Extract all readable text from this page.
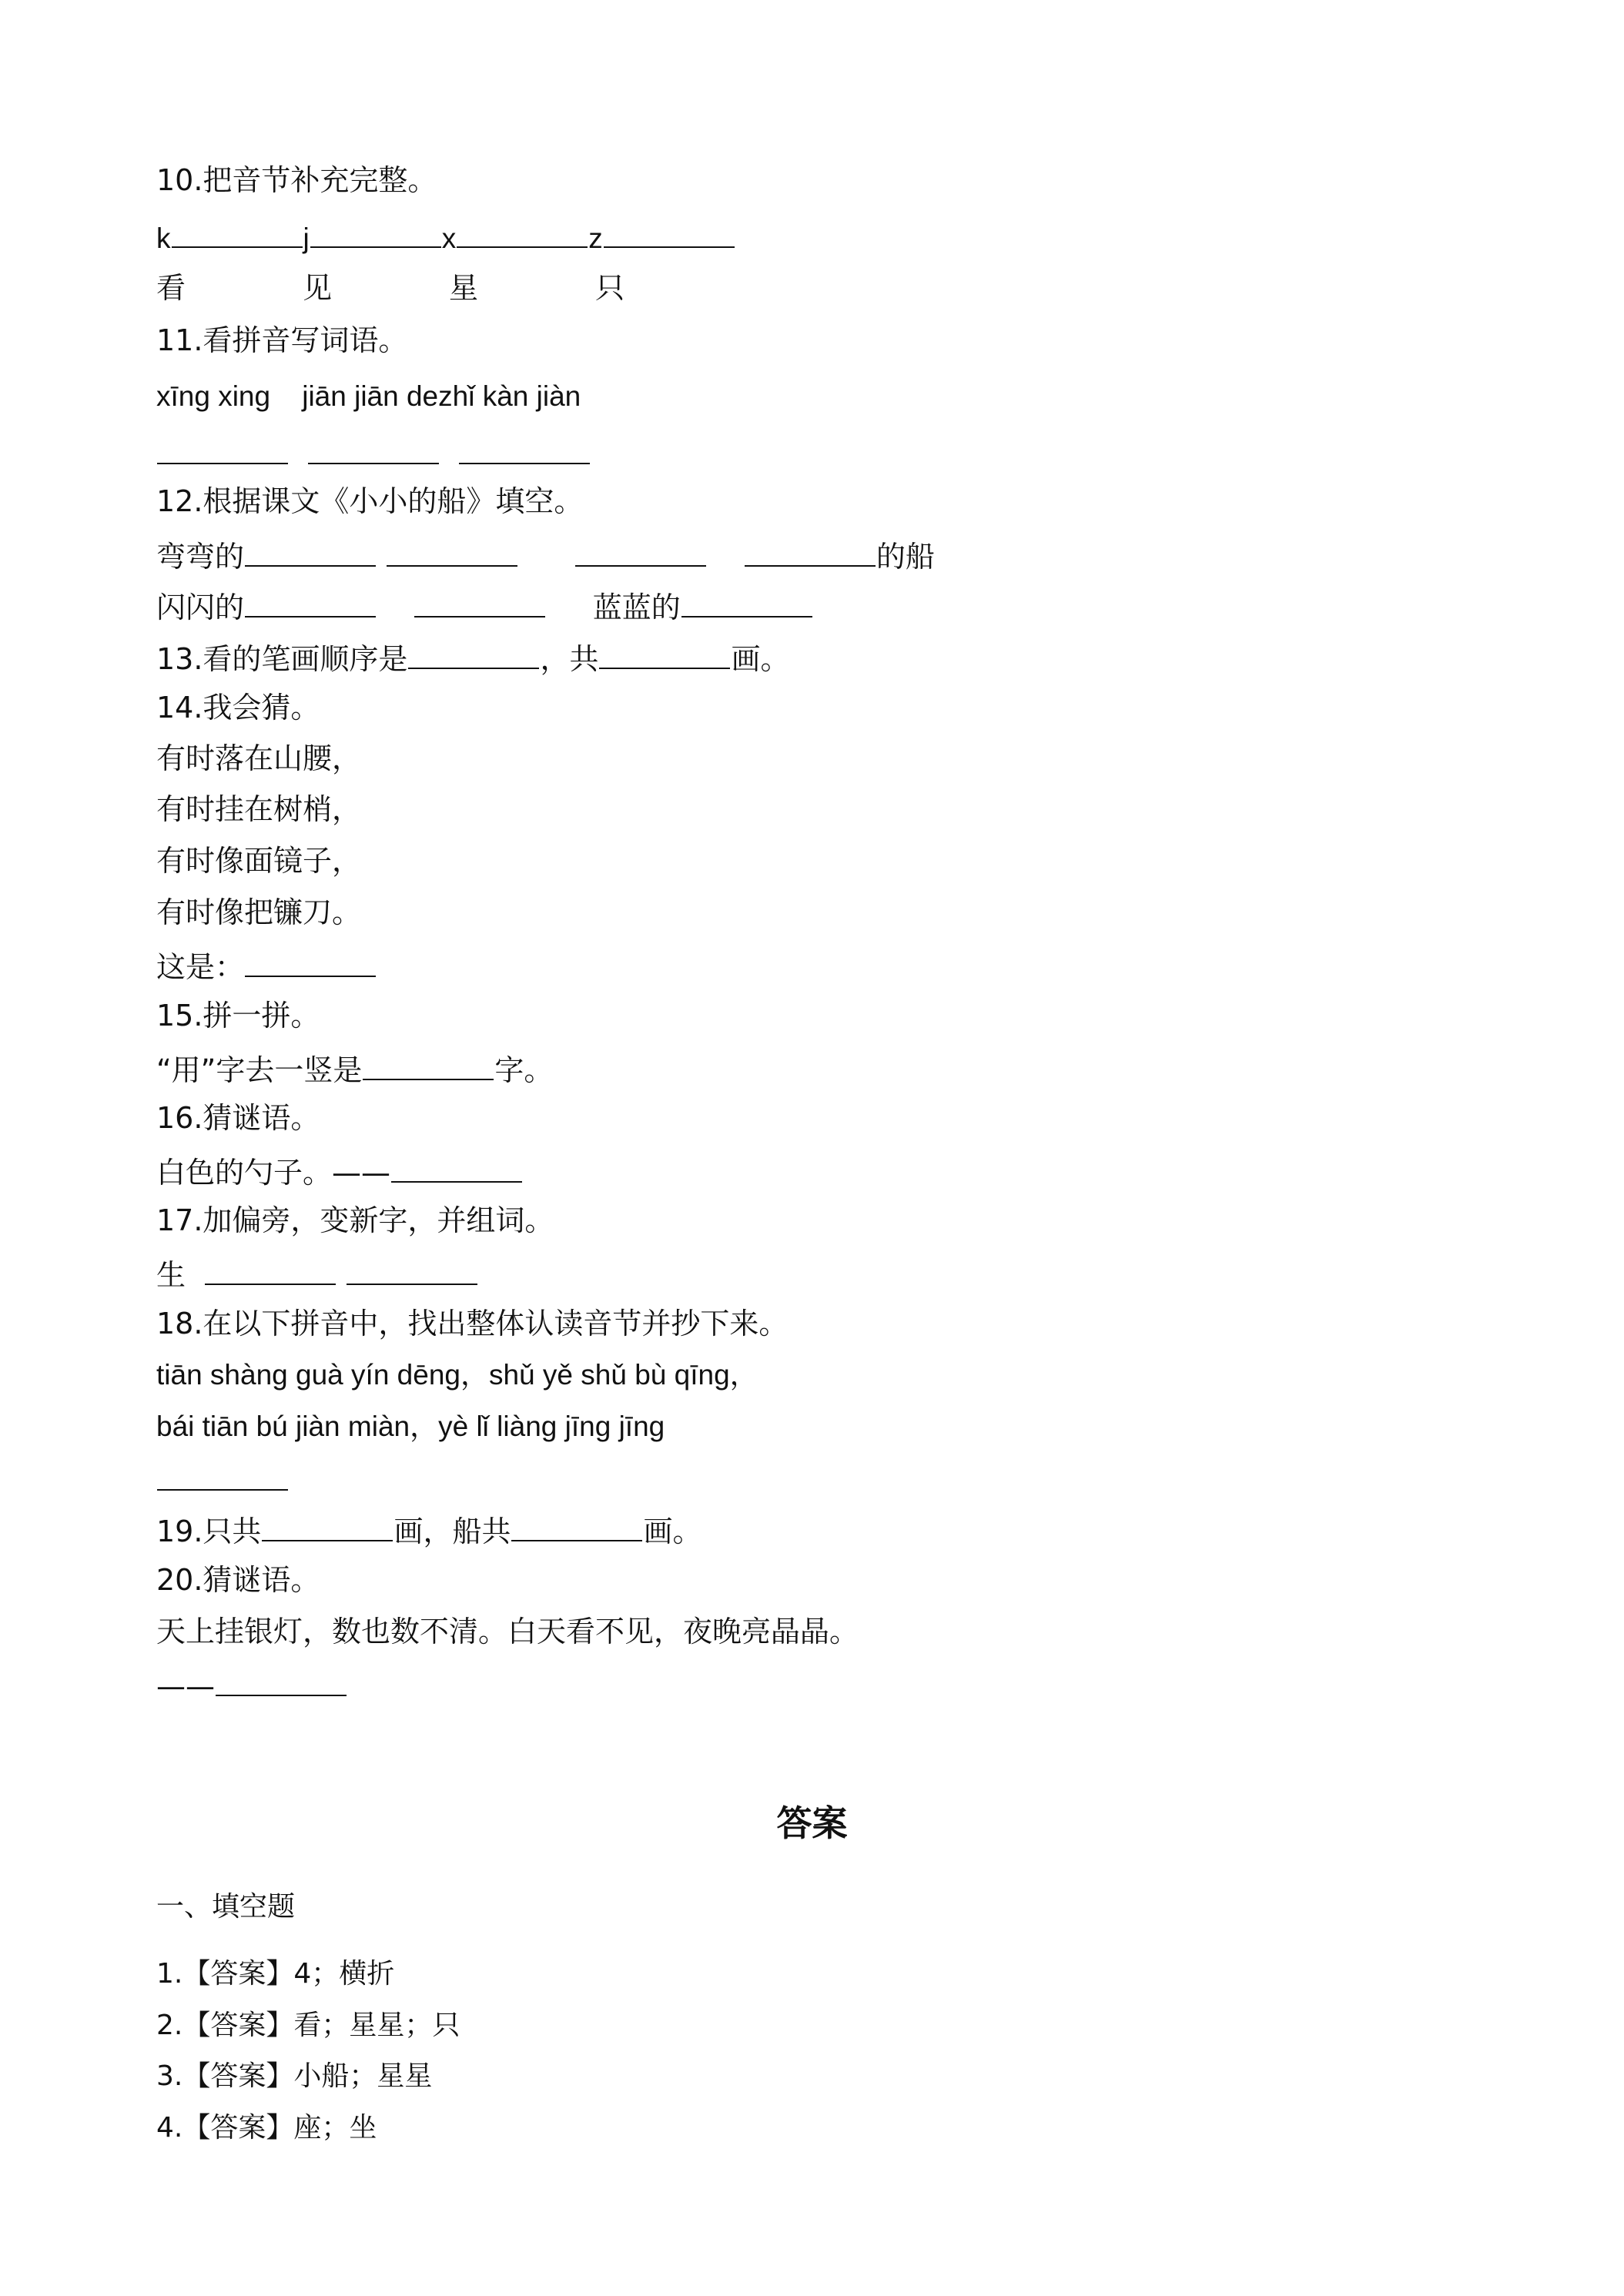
10.把音节补充完整。
k	j	x	z
看	见	星	只
11.看拼音写词语。
xīng xing jiān jiān dezhǐ kàn jiàn

12.根据课文《小小的船》填空。
弯弯的	的船
闪闪的	蓝蓝的
13.看的笔画顺序是	，共	画。
14.我会猜。
有时落在山腰，
有时挂在树梢，
有时像面镜子，
有时像把镰刀。
这是：
15.拼一拼。
“用”字去一竖是	字。
16.猜谜语。
白色的勺子。——
17.加偏旁，变新字，并组词。
生
18.在以下拼音中，找出整体认读音节并抄下来。
tiān shàng guà yín dēng，shǔ yě shǔ bù qīng，
bái tiān bú jiàn miàn，yè lǐ liàng jīng jīng
19.只共	画，船共	画。
20.猜谜语。
天上挂银灯，数也数不清。白天看不见，夜晚亮晶晶。
——
答案
一、填空题
1.【答案】4；横折
2.【答案】看；星星；只
3.【答案】小船；星星
4.【答案】座；坐
